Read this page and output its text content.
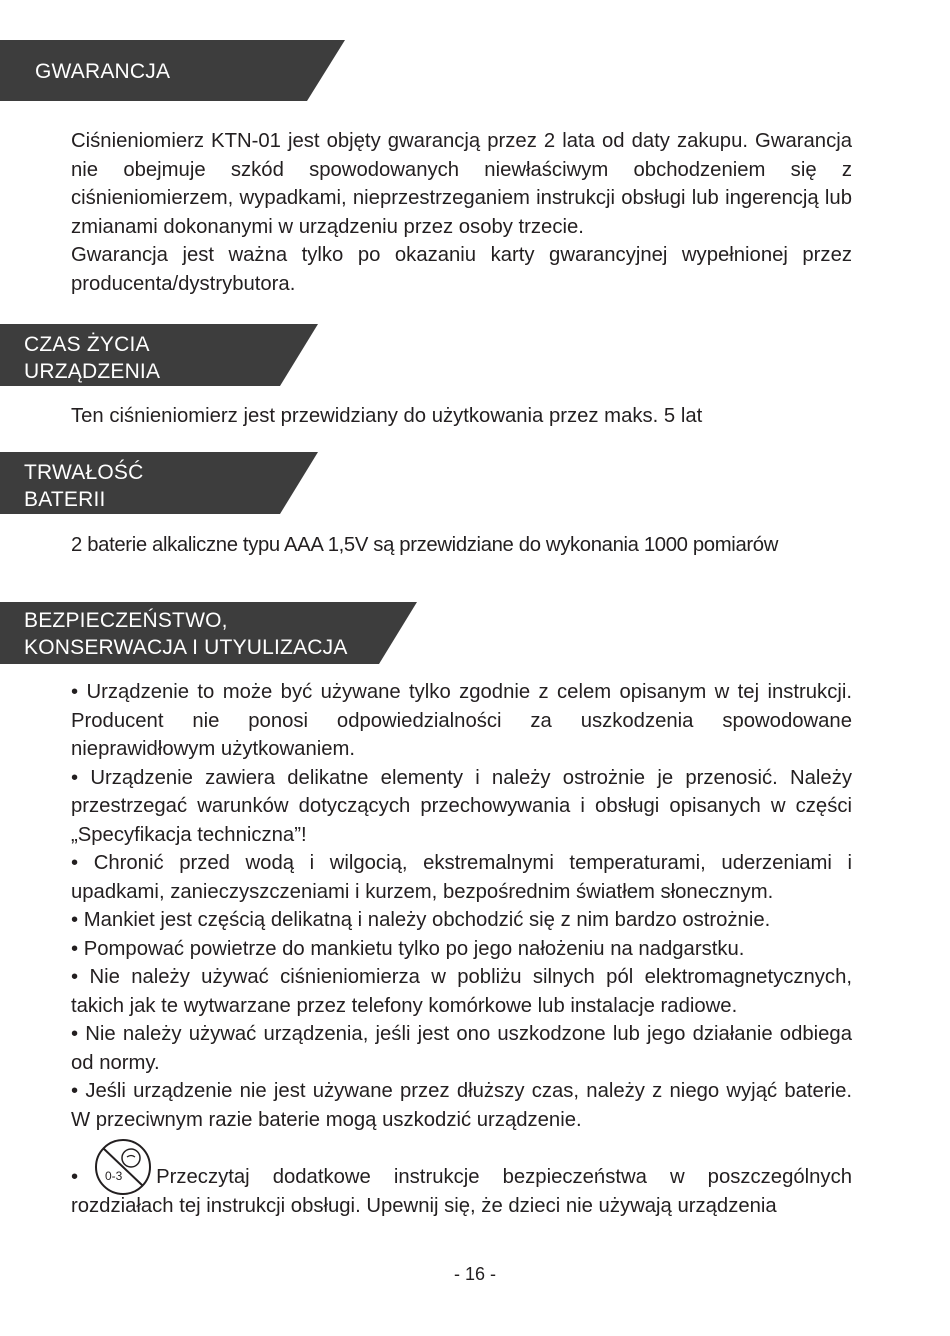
GWARANCJA

Ciśnieniomierz KTN-01 jest objęty gwarancją przez 2 lata od daty zakupu. Gwarancja nie obejmuje szkód spowodowanych niewłaściwym obchodzeniem się z ciśnieniomierzem, wypadkami, nieprzestrzeganiem instrukcji obsługi lub ingerencją lub zmianami dokonanymi w urządzeniu przez osoby trzecie.

Gwarancja jest ważna tylko po okazaniu karty gwarancyjnej wypełnionej przez producenta/dystrybutora.

CZAS ŻYCIA
URZĄDZENIA
Ten ciśnieniomierz jest przewidziany do użytkowania przez maks. 5 lat
TRWAŁOŚĆ
BATERII
2 baterie alkaliczne typu AAA 1,5V są przewidziane do wykonania 1000 pomiarów
BEZPIECZEŃSTWO,
KONSERWACJA I UTYULIZACJA

• Urządzenie to może być używane tylko zgodnie z celem opisanym w tej instrukcji. Producent nie ponosi odpowiedzialności za uszkodzenia spowodowane nieprawidłowym użytkowaniem.

• Urządzenie zawiera delikatne elementy i należy ostrożnie je przenosić. Należy przestrzegać warunków dotyczących przechowywania i obsługi opisanych w części „Specyfikacja techniczna”!

• Chronić przed wodą i wilgocią, ekstremalnymi temperaturami, uderzeniami i upadkami, zanieczyszczeniami i kurzem, bezpośrednim światłem słonecznym.

• Mankiet jest częścią delikatną i należy obchodzić się z nim bardzo ostrożnie.

• Pompować powietrze do mankietu tylko po jego nałożeniu na nadgarstku.

• Nie należy używać ciśnieniomierza w pobliżu silnych pól elektromagnetycznych, takich jak te wytwarzane przez telefony komórkowe lub instalacje radiowe.

• Nie należy używać urządzenia, jeśli jest ono uszkodzone lub jego działanie odbiega od normy.

• Jeśli urządzenie nie jest używane przez dłuższy czas, należy z niego wyjąć baterie. W przeciwnym razie baterie mogą uszkodzić urządzenie.

0-3

•	Przeczytaj dodatkowe instrukcje bezpieczeństwa w poszczególnych rozdziałach tej instrukcji obsługi. Upewnij się, że dzieci nie używają urządzenia

- 16 -
